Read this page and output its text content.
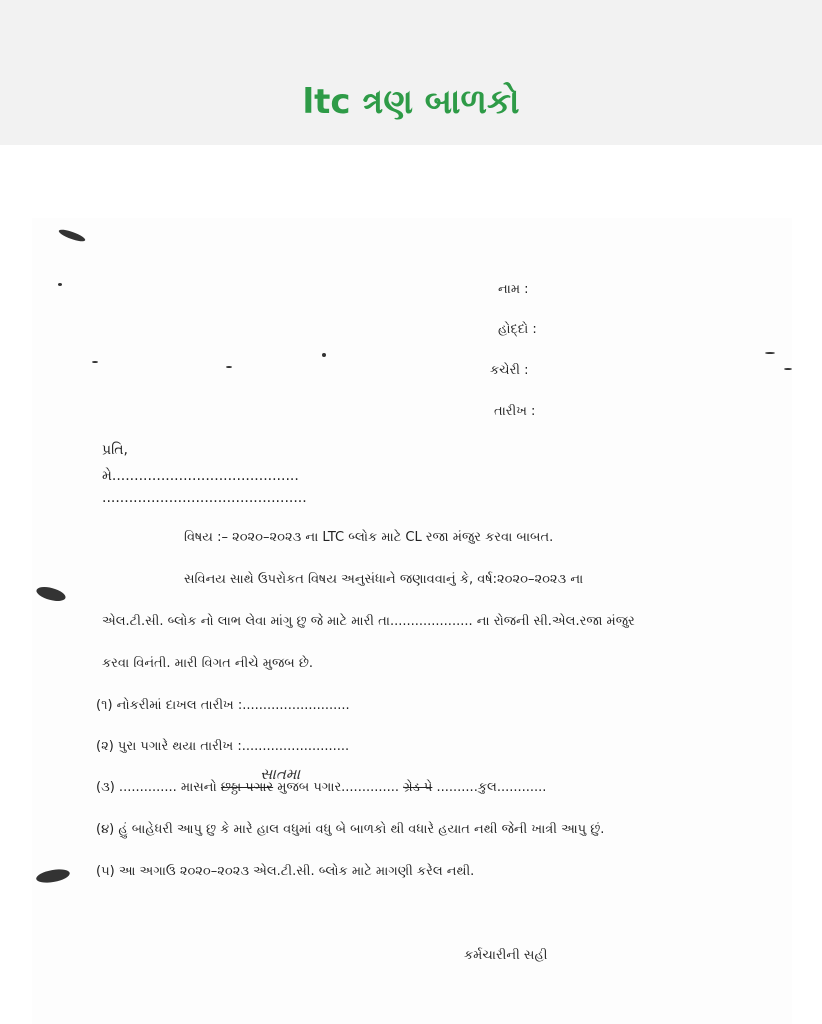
ltc ત્રણ બાળકો
નામ :
હોદ્દો :
કચેરી :
તારીખ :
પ્રતિ,
મે..........................................
..............................................
વિષય :– ૨૦૨૦–૨૦૨૩ ના LTC બ્લોક માટે CL રજા મંજુર કરવા બાબત.
સવિનય સાથે ઉપરોકત વિષય અનુસંધાને જણાવવાનું કે, વર્ષ:૨૦૨૦–૨૦૨૩ ના
એલ.ટી.સી. બ્લોક નો લાભ લેવા માંગુ છુ જે માટે મારી તા.................... ના રોજની સી.એલ.રજા મંજુર
કરવા વિનંતી. મારી વિગત નીચે મુજબ છે.
(૧) નોકરીમાં દાખલ તારીખ :..........................
(૨) પુરા પગારે થયા તારીખ :..........................
(૩) .............. માસનો છઠ્ઠા પગાર મુજબ પગાર.............. ગ્રેડ પે ..........કુલ............
સાતમા
(૪) હું બાહેધરી આપુ છુ કે મારે હાલ વધુમાં વધુ બે બાળકો થી વધારે હયાત નથી જેની ખાત્રી આપુ છું.
(૫) આ અગાઉ ૨૦૨૦–૨૦૨૩ એલ.ટી.સી. બ્લોક માટે માગણી કરેલ નથી.
કર્મચારીની સહી
